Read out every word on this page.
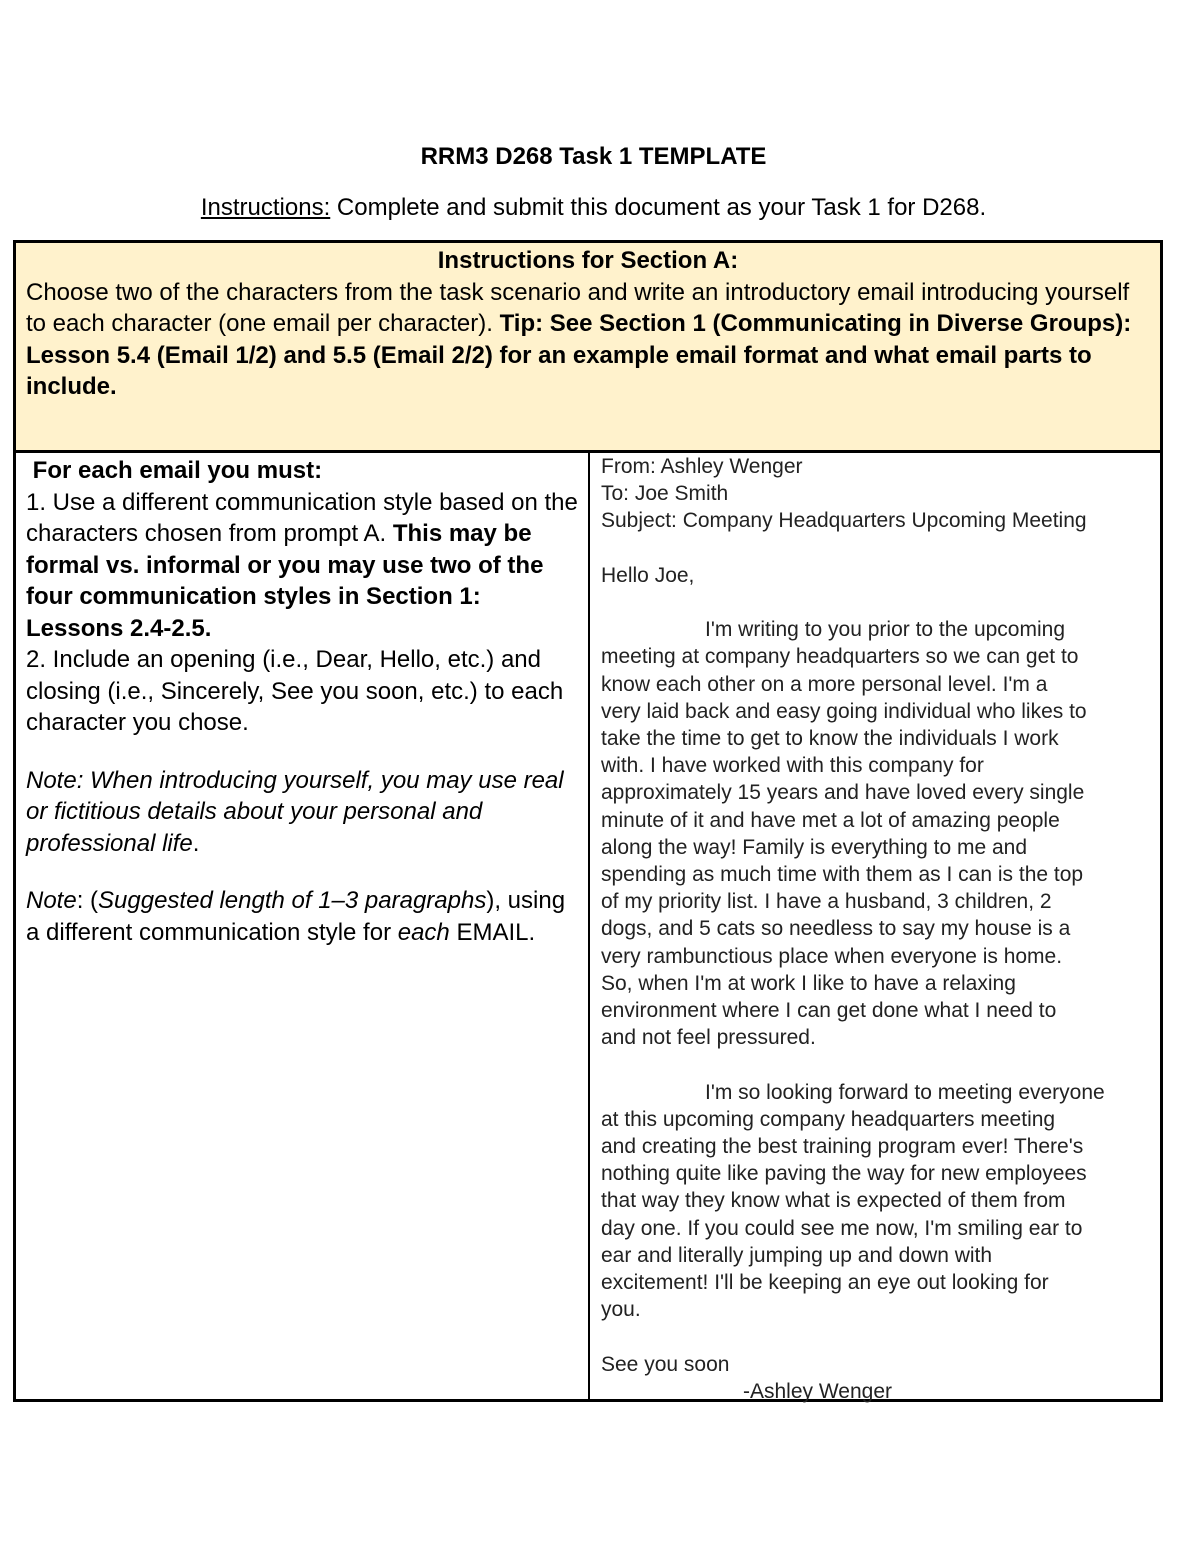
RRM3 D268 Task 1 TEMPLATE
Instructions: Complete and submit this document as your Task 1 for D268.
Instructions for Section A:
Choose two of the characters from the task scenario and write an introductory email introducing yourself to each character (one email per character). Tip: See Section 1 (Communicating in Diverse Groups): Lesson 5.4 (Email 1/2) and 5.5 (Email 2/2) for an example email format and what email parts to include.

For each email you must:

1. Use a different communication style based on the characters chosen from prompt A. This may be formal vs. informal or you may use two of the four communication styles in Section 1: Lessons 2.4-2.5.

2. Include an opening (i.e., Dear, Hello, etc.) and closing (i.e., Sincerely, See you soon, etc.) to each character you chose.

Note: When introducing yourself, you may use real or fictitious details about your personal and professional life.

Note: (Suggested length of 1–3 paragraphs), using a different communication style for each EMAIL.

From: Ashley Wenger
To: Joe Smith
Subject: Company Headquarters Upcoming Meeting
Hello Joe,
I'm writing to you prior to the upcoming
meeting at company headquarters so we can get to
know each other on a more personal level. I'm a
very laid back and easy going individual who likes to
take the time to get to know the individuals I work
with. I have worked with this company for
approximately 15 years and have loved every single
minute of it and have met a lot of amazing people
along the way! Family is everything to me and
spending as much time with them as I can is the top
of my priority list. I have a husband, 3 children, 2
dogs, and 5 cats so needless to say my house is a
very rambunctious place when everyone is home.
So, when I'm at work I like to have a relaxing
environment where I can get done what I need to
and not feel pressured.
I'm so looking forward to meeting everyone
at this upcoming company headquarters meeting
and creating the best training program ever! There's
nothing quite like paving the way for new employees
that way they know what is expected of them from
day one. If you could see me now, I'm smiling ear to
ear and literally jumping up and down with
excitement! I'll be keeping an eye out looking for
you.
See you soon
-Ashley Wenger
